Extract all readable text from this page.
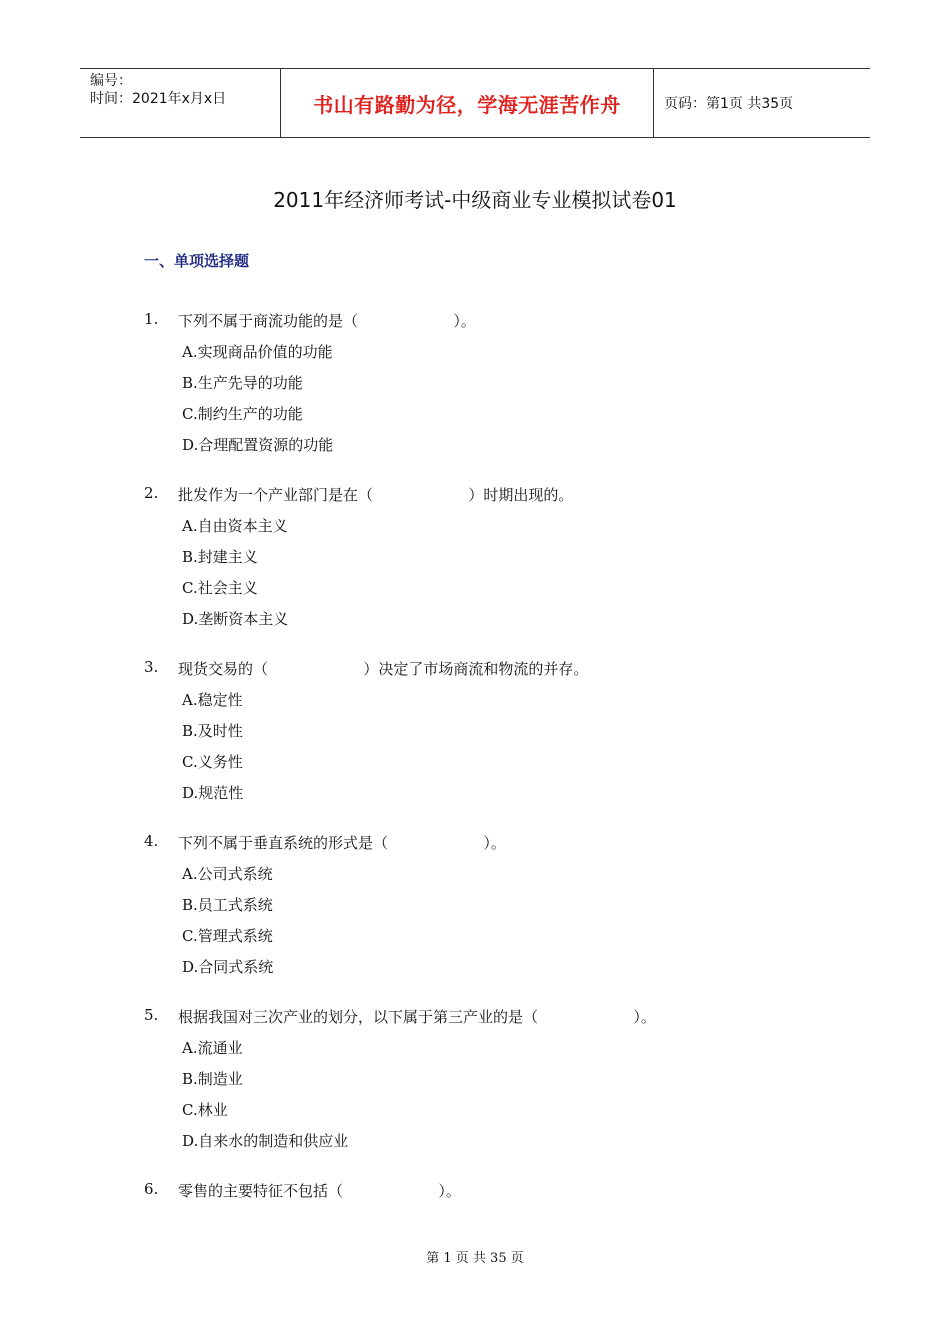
编号：
时间：2021年x月x日	书山有路勤为径，学海无涯苦作舟	页码：第1页 共35页
2011年经济师考试-中级商业专业模拟试卷01
一、单项选择题
1. 下列不属于商流功能的是（                    ）。
A.实现商品价值的功能
B.生产先导的功能
C.制约生产的功能
D.合理配置资源的功能
2. 批发作为一个产业部门是在（                    ）时期出现的。
A.自由资本主义
B.封建主义
C.社会主义
D.垄断资本主义
3. 现货交易的（                    ）决定了市场商流和物流的并存。
A.稳定性
B.及时性
C.义务性
D.规范性
4. 下列不属于垂直系统的形式是（                    ）。
A.公司式系统
B.员工式系统
C.管理式系统
D.合同式系统
5. 根据我国对三次产业的划分，以下属于第三产业的是（                    ）。
A.流通业
B.制造业
C.林业
D.自来水的制造和供应业
6. 零售的主要特征不包括（                    ）。
第 1 页 共 35 页
